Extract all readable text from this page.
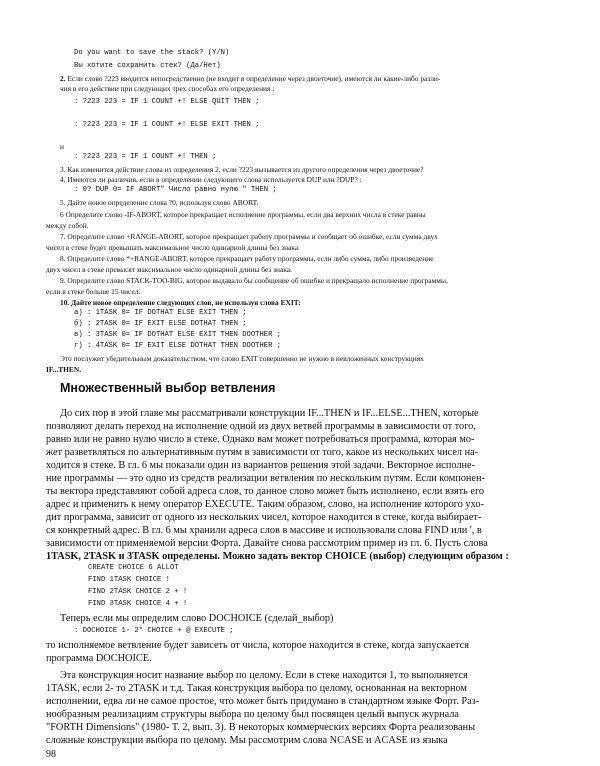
Do you want to save the stack? (Y/N)
Вы хотите сохранить стек? (Да/Нет)
2. Если слово ?223 вводится непосредственно (не входит в определение через двоеточие), имеются ли какие-либо разли-
чия в его действии при следующих трех способах его определения :
: ?223 223 = IF 1 COUNT +! ELSE QUIT THEN ;
: ?223 223 = IF 1 COUNT +! ELSE EXIT THEN ;
и
: ?223 223 = IF 1 COUNT +! THEN ;
3. Как изменится действие слова из определения 2, если ?223 вызывается из другого определения через двоеточие?
4. Имеются ли различия, если в определении следующего слова используется DUP или ?DUP? :
: 0? DUP 0= IF ABORT" Число равно нулю " THEN ;
5. Дайте новое определение слова ?0, используя слово ABORT.
6 Определите слово -IF-ABORT, которое прекращает исполнение программы, если два верхних числа в стеке равны
между собой.
7. Определите слово +RANGE-ABORT, которое прекращает работу программы и сообщает об ошибке, если сумма двух
чисел в стеке будет превышать максимальное число одинарной длины без знака.
8. Определите слово *+RANGE-ABORT, которое прекращает работу программы, если либо сумма, либо произведение
двух чисел в стеке превысят максимальное число одинарной длины без знака.
9. Определите слово STACK-TOO-BIG, которое выдавало бы сообщение об ошибке и прекращало исполнение программы,
если в стеке больше 15 чисел.
10. Дайте новое определение следующих слов, не используя слова EXIT:
а) : 1TASK 0= IF DOTHAT ELSE EXIT THEN ;
б) : 2TASK 0= IF EXIT ELSE DOTHAT THEN ;
в) : 3TASK 0= IF DOTHAT ELSE EXIT THEN DOOTHER ;
г) : 4TASK 0= IF EXIT ELSE DOTHAT THEN DOOTHER ;
Это послужит убедительным доказательством, что слово EXIT совершенно не нужно в невложенных конструкциях
IF...THEN.
Множественный выбор ветвления
До сих пор в этой главе мы рассматривали конструкции IF...THEN и IF...ELSE...THEN, которые
позволяют делать переход на исполнение одной из двух ветвей программы в зависимости от того,
равно или не равно нулю число в стеке. Однако вам может потребоваться программа, которая мо-
жет разветвляться по альтернативным путям в зависимости от того, какое из нескольких чисел на-
ходится в стеке. В гл. 6 мы показали один из вариантов решения этой задачи. Векторное исполне-
ние программы — это одно из средств реализации ветвления по нескольким путям. Если компонен-
ты вектора представляют собой адреса слов, то данное слово может быть исполнено, если взять его
адрес и применить к нему оператор EXECUTE. Таким образом, слово, на исполнение которого ухо-
дит программа, зависит от одного из нескольких чисел, которое находится в стеке, когда выбирает-
ся конкретный адрес. В гл. 6 мы хранили адреса слов в массиве и использовали слова FIND или ', в
зависимости от применяемой версии Форта. Давайте снова рассмотрим пример из гл. 6. Пусть слова
1TASK, 2TASK и 3TASK определены. Можно задать вектор CHOICE (выбор) следующим образом :
CREATE CHOICE 6 ALLOT
FIND 1TASK CHOICE !
FIND 2TASK CHOICE 2 + !
FIND 3TASK CHOICE 4 + !
Теперь если мы определим слово DOCHOICE (сделай_выбор)
: DOCHOICE 1- 2* CHOICE + @ EXECUTE ;
то исполняемое ветвление будет зависеть от числа, которое находится в стеке, когда запускается
программа DOCHOICE.
Эта конструкция носит название выбор по целому. Если в стеке находится 1, то выполняется
1TASK, если 2- то 2TASK и т.д. Такая конструкция выбора по целому, основанная на векторном
исполнении, едва ли не самое простое, что может быть придумано в стандартном языке Форт. Раз-
нообразным реализациям структуры выбора по целому был посвящен целый выпуск журнала
"FORTH Dimensions" (1980- Т. 2, вып. 3). В некоторых коммерческих версиях Форта реализованы
сложные конструкции выбора по целому. Мы рассмотрим слова NCASE и ACASE из языка
98
